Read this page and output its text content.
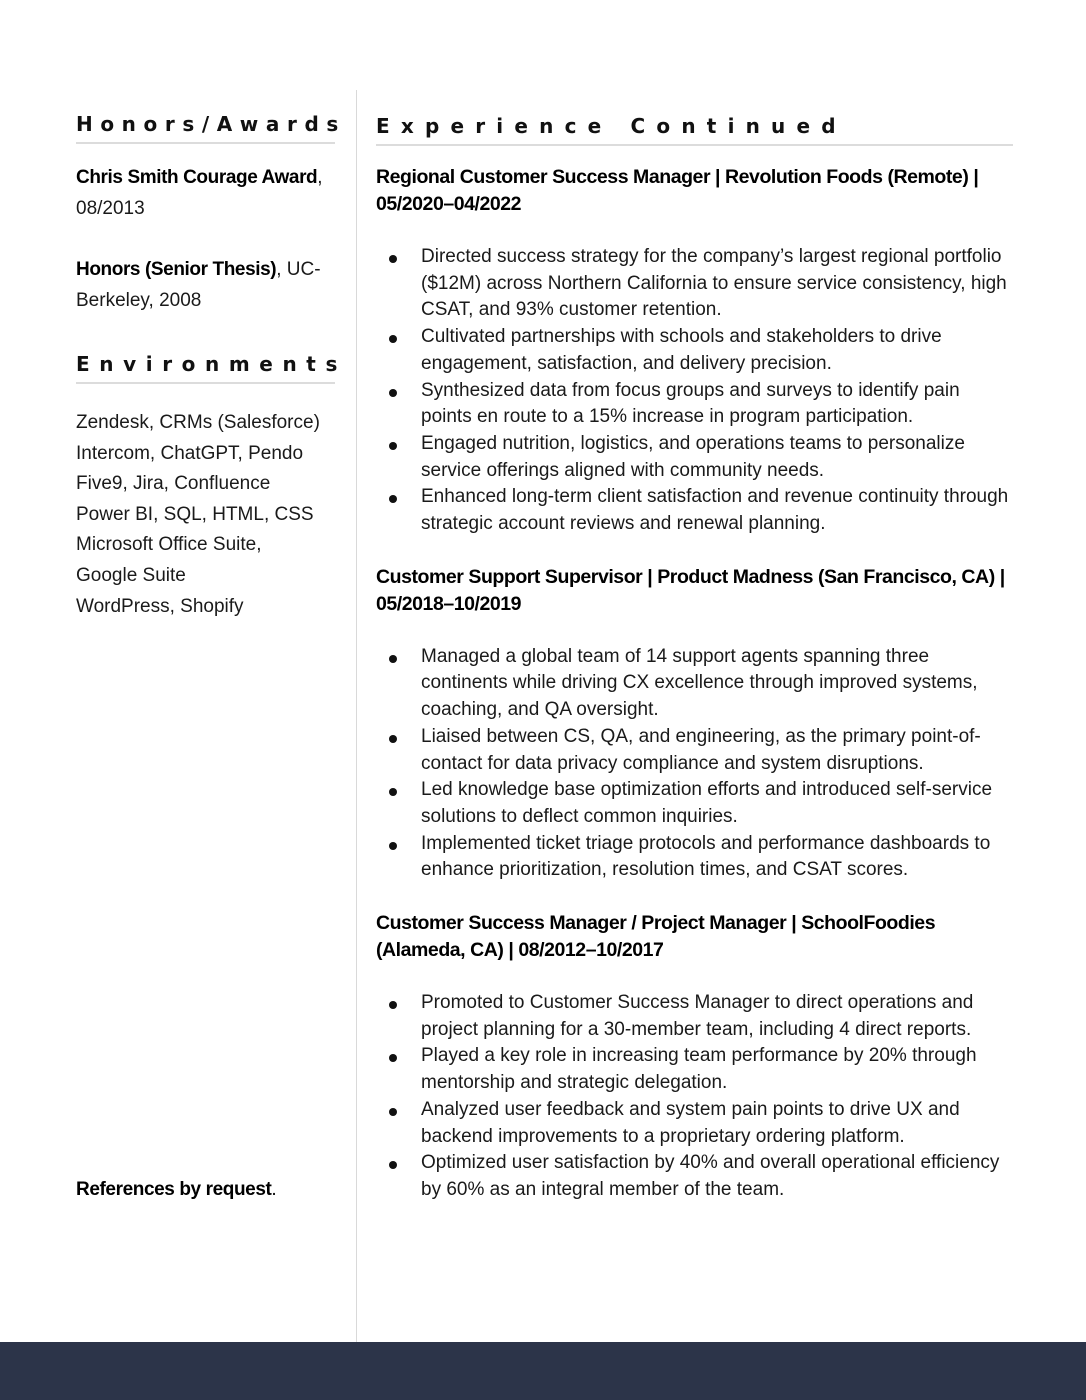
Honors/Awards
Chris Smith Courage Award, 08/2013
Honors (Senior Thesis), UC-Berkeley, 2008
Environments
Zendesk, CRMs (Salesforce)
Intercom, ChatGPT, Pendo
Five9, Jira, Confluence
Power BI, SQL, HTML, CSS
Microsoft Office Suite,
Google Suite
WordPress, Shopify
References by request.
Experience Continued

Regional Customer Success Manager | Revolution Foods (Remote) | 05/2020–04/2022

Directed success strategy for the company’s largest regional portfolio ($12M) across Northern California to ensure service consistency, high CSAT, and 93% customer retention.
Cultivated partnerships with schools and stakeholders to drive engagement, satisfaction, and delivery precision.
Synthesized data from focus groups and surveys to identify pain points en route to a 15% increase in program participation.
Engaged nutrition, logistics, and operations teams to personalize service offerings aligned with community needs.
Enhanced long-term client satisfaction and revenue continuity through strategic account reviews and renewal planning.

Customer Support Supervisor | Product Madness (San Francisco, CA) | 05/2018–10/2019

Managed a global team of 14 support agents spanning three continents while driving CX excellence through improved systems, coaching, and QA oversight.
Liaised between CS, QA, and engineering, as the primary point-of-contact for data privacy compliance and system disruptions.
Led knowledge base optimization efforts and introduced self-service solutions to deflect common inquiries.
Implemented ticket triage protocols and performance dashboards to enhance prioritization, resolution times, and CSAT scores.

Customer Success Manager / Project Manager | SchoolFoodies (Alameda, CA) | 08/2012–10/2017

Promoted to Customer Success Manager to direct operations and project planning for a 30-member team, including 4 direct reports.
Played a key role in increasing team performance by 20% through mentorship and strategic delegation.
Analyzed user feedback and system pain points to drive UX and backend improvements to a proprietary ordering platform.
Optimized user satisfaction by 40% and overall operational efficiency by 60% as an integral member of the team.
